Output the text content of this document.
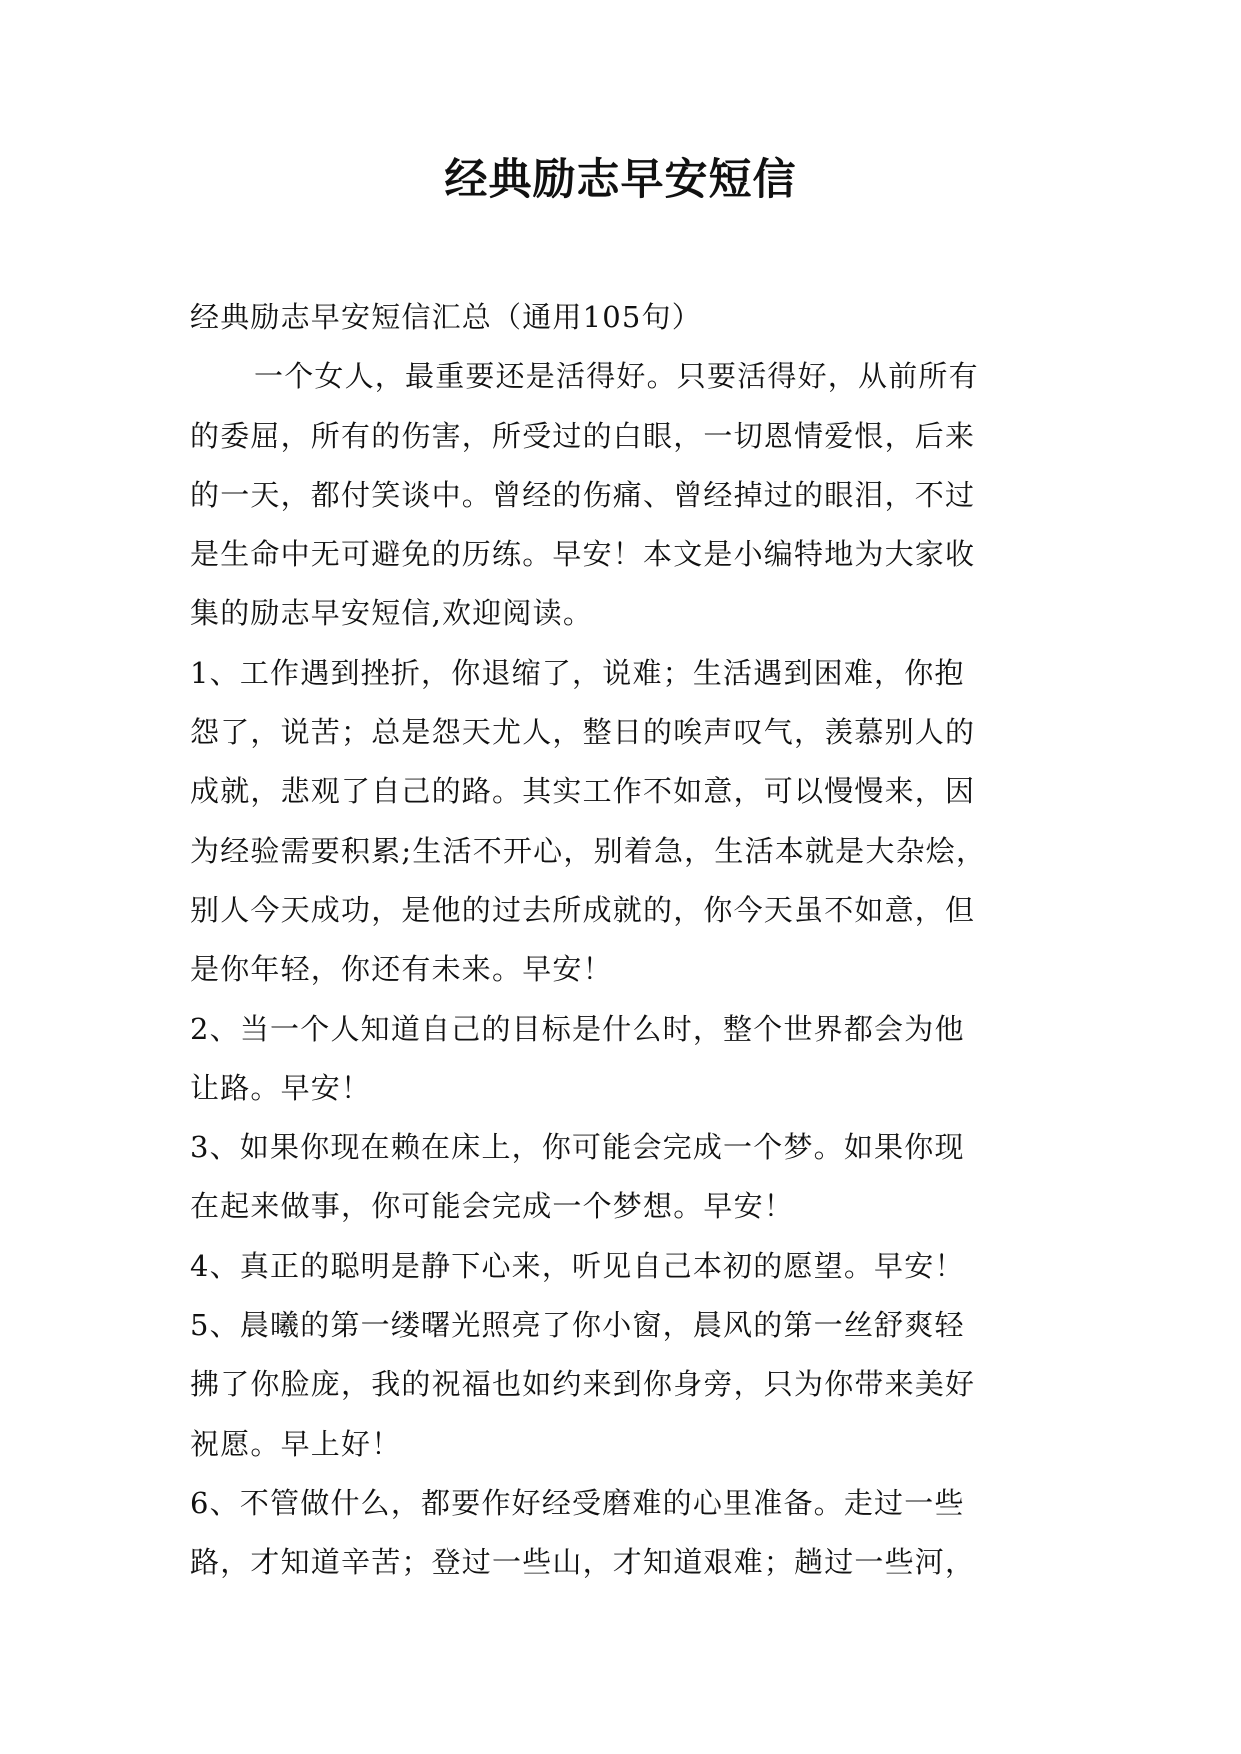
经典励志早安短信

经典励志早安短信汇总（通用105句）

一个女人，最重要还是活得好。只要活得好，从前所有
的委屈，所有的伤害，所受过的白眼，一切恩情爱恨，后来
的一天，都付笑谈中。曾经的伤痛、曾经掉过的眼泪，不过
是生命中无可避免的历练。早安！本文是小编特地为大家收
集的励志早安短信,欢迎阅读。

1、工作遇到挫折，你退缩了，说难；生活遇到困难，你抱
怨了，说苦；总是怨天尤人，整日的唉声叹气，羡慕别人的
成就，悲观了自己的路。其实工作不如意，可以慢慢来，因
为经验需要积累;生活不开心，别着急，生活本就是大杂烩，
别人今天成功，是他的过去所成就的，你今天虽不如意，但
是你年轻，你还有未来。早安！

2、当一个人知道自己的目标是什么时，整个世界都会为他
让路。早安！

3、如果你现在赖在床上，你可能会完成一个梦。如果你现
在起来做事，你可能会完成一个梦想。早安！

4、真正的聪明是静下心来，听见自己本初的愿望。早安！

5、晨曦的第一缕曙光照亮了你小窗，晨风的第一丝舒爽轻
拂了你脸庞，我的祝福也如约来到你身旁，只为你带来美好
祝愿。早上好！

6、不管做什么，都要作好经受磨难的心里准备。走过一些
路，才知道辛苦；登过一些山，才知道艰难；趟过一些河，
